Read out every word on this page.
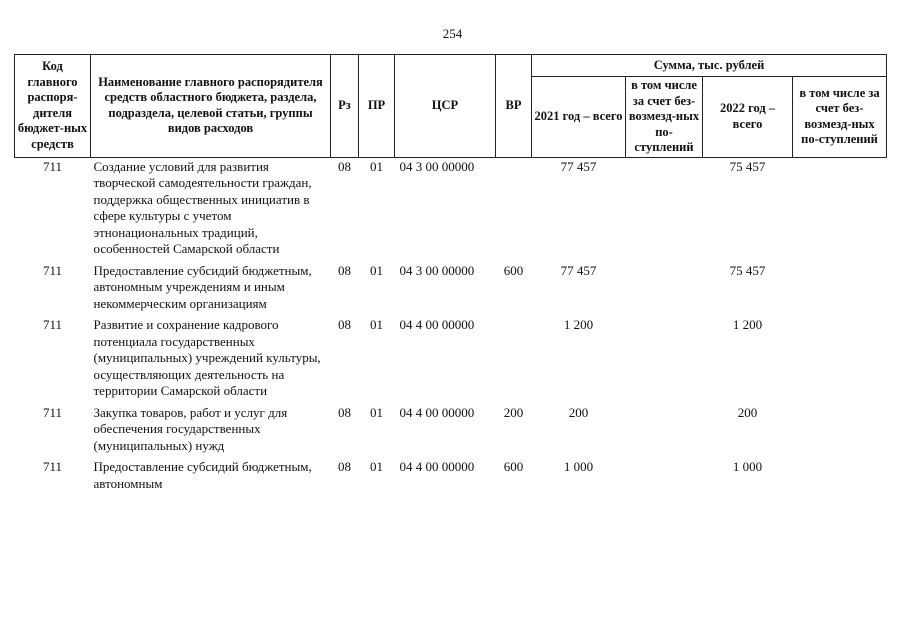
254
Код главного распоря-дителя бюджет-ных средств	Наименование главного распорядителя средств областного бюджета, раздела, подраздела, целевой статьи, группы видов расходов	Рз	ПР	ЦСР	ВР	Сумма, тыс. рублей			
						2021 год – всего	в том числе за счет без-возмезд-ных по-ступлений	2022 год – всего	в том числе за счет без-возмезд-ных по-ступлений
711	Создание условий для развития творческой самодеятельности граждан, поддержка общественных инициатив в сфере культуры с учетом этнонациональных традиций, особенностей Самарской области	08	01	04 3 00 00000		77 457		75 457	
711	Предоставление субсидий бюджетным, автономным учреждениям и иным некоммерческим организациям	08	01	04 3 00 00000	600	77 457		75 457	
711	Развитие и сохранение кадрового потенциала государственных (муниципальных) учреждений культуры, осуществляющих деятельность на территории Самарской области	08	01	04 4 00 00000		1 200		1 200	
711	Закупка товаров, работ и услуг для обеспечения государственных (муниципальных) нужд	08	01	04 4 00 00000	200	200		200	
711	Предоставление субсидий бюджетным, автономным	08	01	04 4 00 00000	600	1 000		1 000	
